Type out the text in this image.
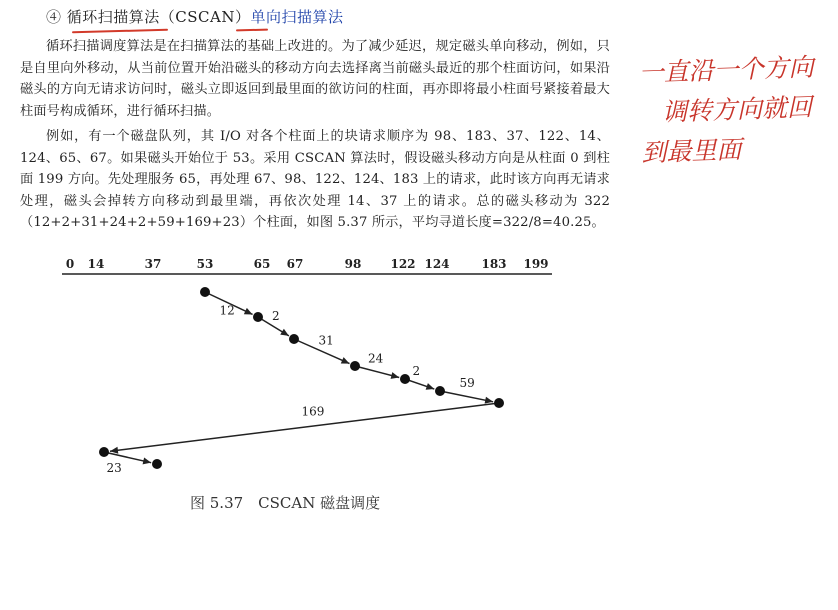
④ 循环扫描算法（CSCAN）单向扫描算法
循环扫描调度算法是在扫描算法的基础上改进的。为了减少延迟，规定磁头单向移动，例如，只是自里向外移动，从当前位置开始沿磁头的移动方向去选择离当前磁头最近的那个柱面访问，如果沿磁头的方向无请求访问时，磁头立即返回到最里面的欲访问的柱面，再亦即将最小柱面号紧接着最大柱面号构成循环，进行循环扫描。
例如，有一个磁盘队列，其 I/O 对各个柱面上的块请求顺序为 98、183、37、122、14、124、65、67。如果磁头开始位于 53。采用 CSCAN 算法时，假设磁头移动方向是从柱面 0 到柱面 199 方向。先处理服务 65，再处理 67、98、122、124、183 上的请求，此时该方向再无请求处理，磁头会掉转方向移动到最里端，再依次处理 14、37 上的请求。总的磁头移动为 322（12+2+31+24+2+59+169+23）个柱面，如图 5.37 所示，平均寻道长度=322/8=40.25。
一直沿一个方向
调转方向就回
到最里面
0 14	37	53	65 67	98 122 124	183 199
12	2
31
24
2
59
169
23
图 5.37　CSCAN 磁盘调度
